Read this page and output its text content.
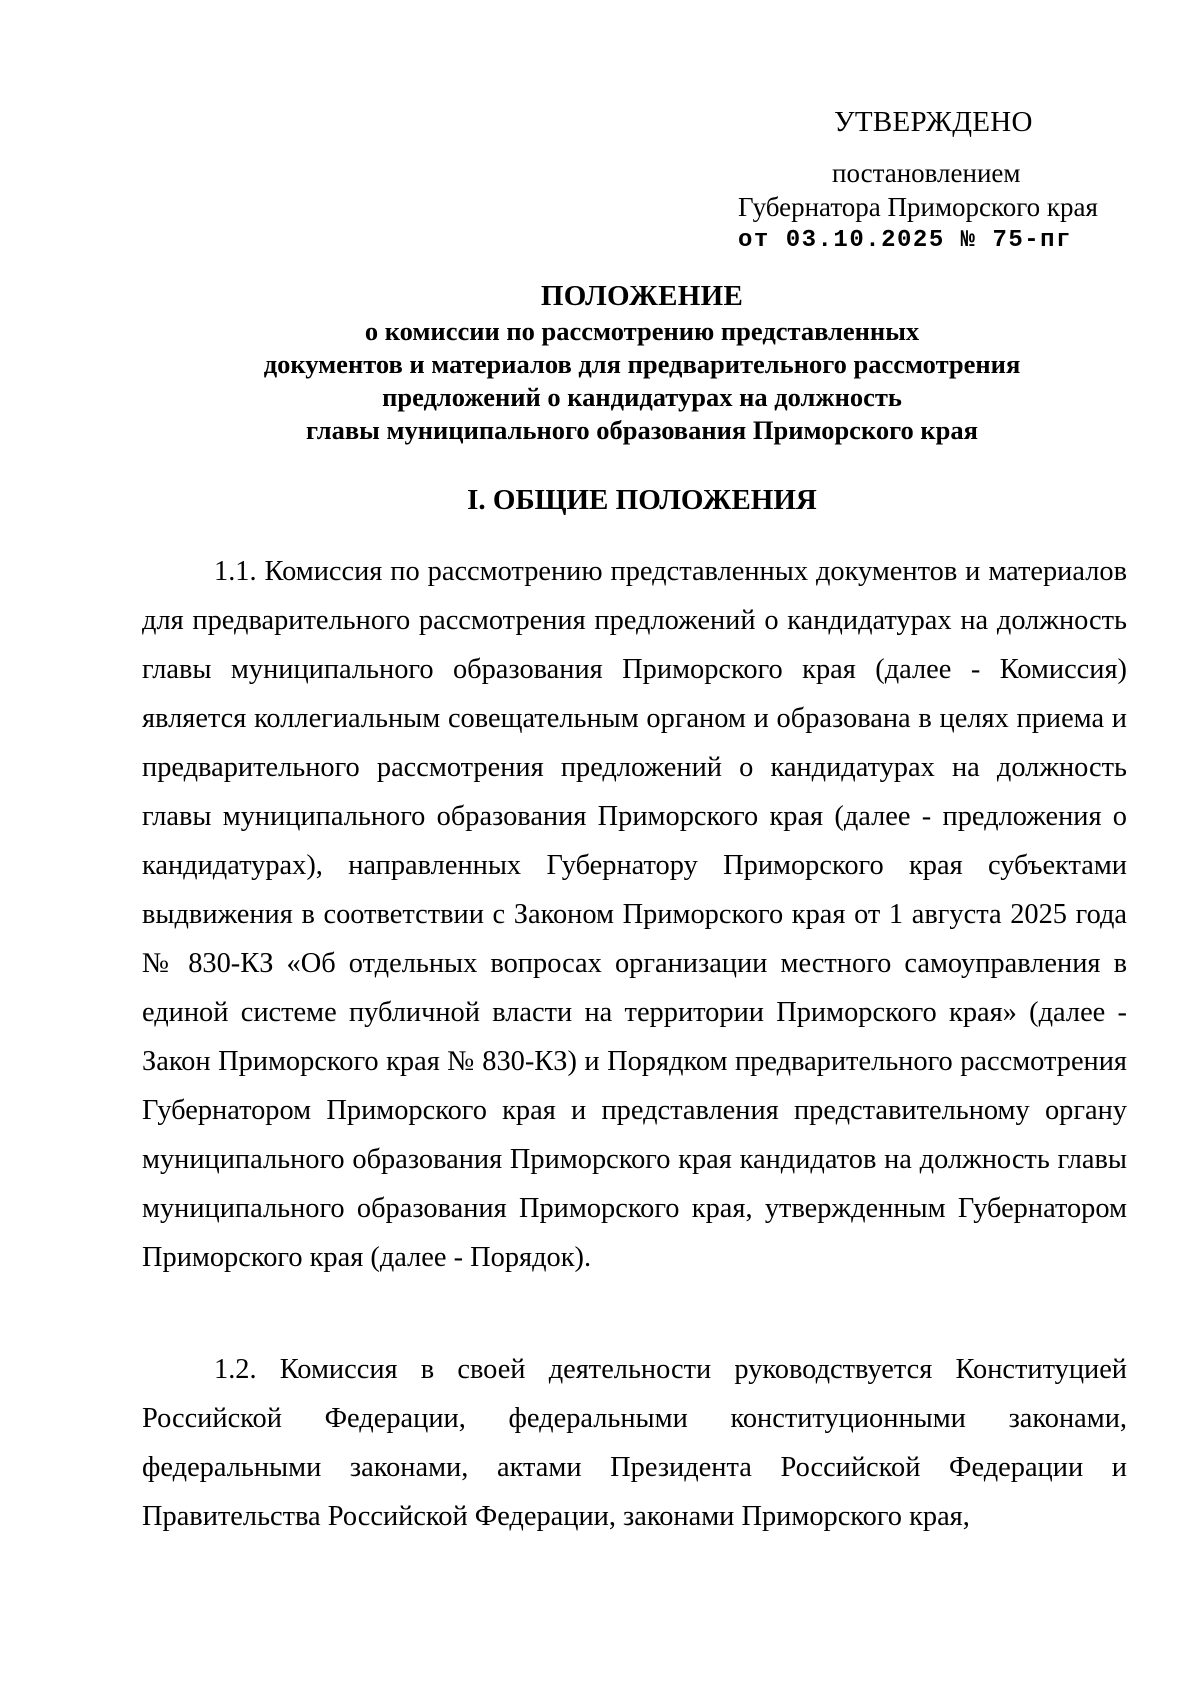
УТВЕРЖДЕНО
постановлением
Губернатора Приморского края
от 03.10.2025 № 75-пг
ПОЛОЖЕНИЕ
о комиссии по рассмотрению представленных
документов и материалов для предварительного рассмотрения
предложений о кандидатурах на должность
главы муниципального образования Приморского края
I. ОБЩИЕ ПОЛОЖЕНИЯ

1.1. Комиссия по рассмотрению представленных документов и материалов для предварительного рассмотрения предложений о кандидатурах на должность главы муниципального образования Приморского края (далее - Комиссия) является коллегиальным совещательным органом и образована в целях приема и предварительного рассмотрения предложений о кандидатурах на должность главы муниципального образования Приморского края (далее - предложения о кандидатурах), направленных Губернатору Приморского края субъектами выдвижения в соответствии с Законом Приморского края от 1 августа 2025 года № 830-КЗ «Об отдельных вопросах организации местного самоуправления в единой системе публичной власти на территории Приморского края» (далее - Закон Приморского края № 830-КЗ) и Порядком предварительного рассмотрения Губернатором Приморского края и представления представительному органу муниципального образования Приморского края кандидатов на должность главы муниципального образования Приморского края, утвержденным Губернатором Приморского края (далее - Порядок).

1.2. Комиссия в своей деятельности руководствуется Конституцией Российской Федерации, федеральными конституционными законами, федеральными законами, актами Президента Российской Федерации и Правительства Российской Федерации, законами Приморского края,
